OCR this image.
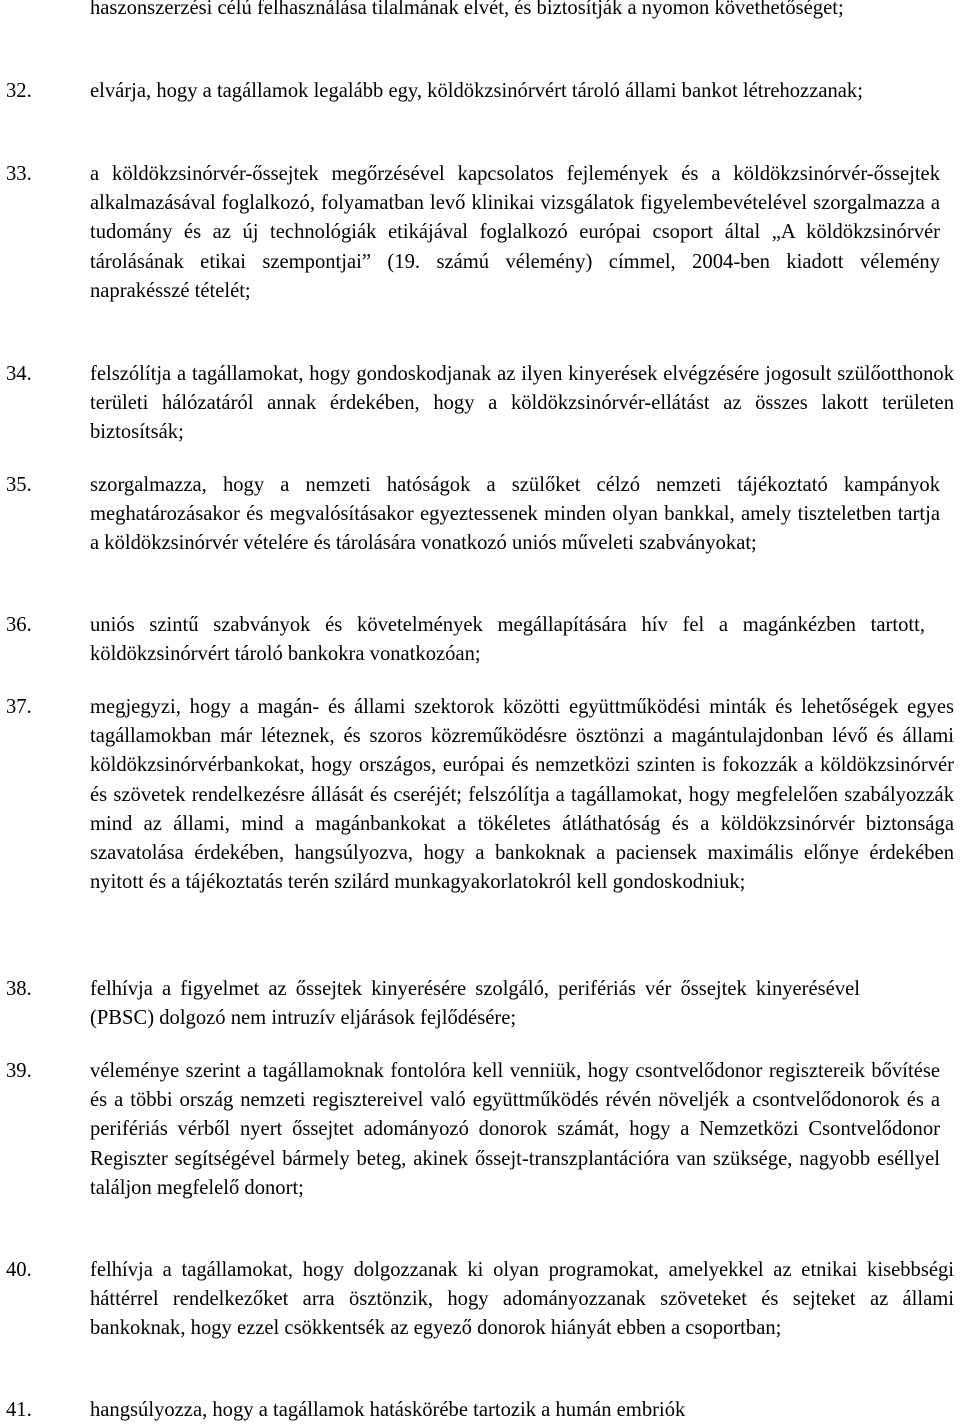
haszonszerzési célú felhasználása tilalmának elvét, és biztosítják a nyomon követhetőséget;
32.	elvárja, hogy a tagállamok legalább egy, köldökzsinórvért tároló állami bankot létrehozzanak;
33.	a köldökzsinórvér-őssejtek megőrzésével kapcsolatos fejlemények és a köldökzsinórvér-őssejtek alkalmazásával foglalkozó, folyamatban levő klinikai vizsgálatok figyelembevételével szorgalmazza a tudomány és az új technológiák etikájával foglalkozó európai csoport által „A köldökzsinórvér tárolásának etikai szempontjai” (19. számú vélemény) címmel, 2004-ben kiadott vélemény naprakésszé tételét;
34.	felszólítja a tagállamokat, hogy gondoskodjanak az ilyen kinyerések elvégzésére jogosult szülőotthonok területi hálózatáról annak érdekében, hogy a köldökzsinórvér-ellátást az összes lakott területen biztosítsák;
35.	szorgalmazza, hogy a nemzeti hatóságok a szülőket célzó nemzeti tájékoztató kampányok meghatározásakor és megvalósításakor egyeztessenek minden olyan bankkal, amely tiszteletben tartja a köldökzsinórvér vételére és tárolására vonatkozó uniós műveleti szabványokat;
36.	uniós szintű szabványok és követelmények megállapítására hív fel a magánkézben tartott, köldökzsinórvért tároló bankokra vonatkozóan;
37.	megjegyzi, hogy a magán- és állami szektorok közötti együttműködési minták és lehetőségek egyes tagállamokban már léteznek, és szoros közreműködésre ösztönzi a magántulajdonban lévő és állami köldökzsinórvérbankokat, hogy országos, európai és nemzetközi szinten is fokozzák a köldökzsinórvér és szövetek rendelkezésre állását és cseréjét; felszólítja a tagállamokat, hogy megfelelően szabályozzák mind az állami, mind a magánbankokat a tökéletes átláthatóság és a köldökzsinórvér biztonsága szavatolása érdekében, hangsúlyozva, hogy a bankoknak a paciensek maximális előnye érdekében nyitott és a tájékoztatás terén szilárd munkagyakorlatokról kell gondoskodniuk;
38.	felhívja a figyelmet az őssejtek kinyerésére szolgáló, perifériás vér őssejtek kinyerésével (PBSC) dolgozó nem intruzív eljárások fejlődésére;
39.	véleménye szerint a tagállamoknak fontolóra kell venniük, hogy csontvelődonor regisztereik bővítése és a többi ország nemzeti regisztereivel való együttműködés révén növeljék a csontvelődonorok és a perifériás vérből nyert őssejtet adományozó donorok számát, hogy a Nemzetközi Csontvelődonor Regiszter segítségével bármely beteg, akinek őssejt-transzplantációra van szüksége, nagyobb eséllyel találjon megfelelő donort;
40.	felhívja a tagállamokat, hogy dolgozzanak ki olyan programokat, amelyekkel az etnikai kisebbségi háttérrel rendelkezőket arra ösztönzik, hogy adományozzanak szöveteket és sejteket az állami bankoknak, hogy ezzel csökkentsék az egyező donorok hiányát ebben a csoportban;
41.	hangsúlyozza, hogy a tagállamok hatáskörébe tartozik a humán embriók
